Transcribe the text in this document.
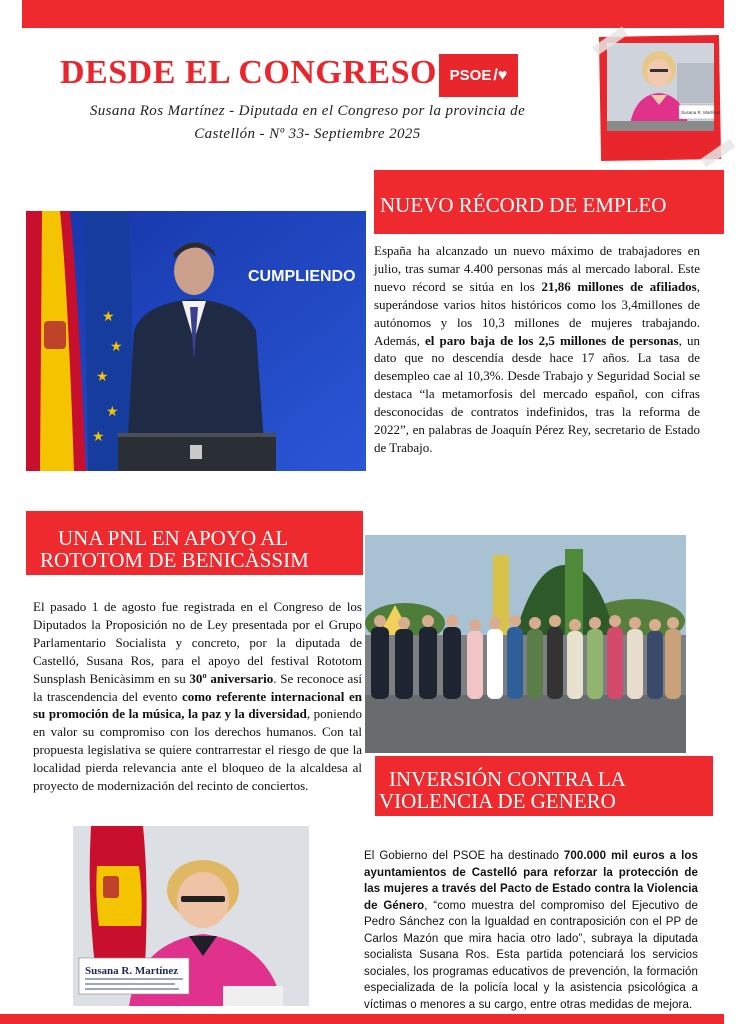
DESDE EL CONGRESO PSOE /♥
Susana Ros Martínez - Diputada en el Congreso por la provincia de
Castellón - Nº 33- Septiembre 2025
Susana R. Martínez
★
★
★
★
★
CUMPLIENDO
NUEVO RÉCORD DE EMPLEO
España ha alcanzado un nuevo máximo de trabajadores en julio, tras sumar 4.400 personas más al mercado laboral. Este nuevo récord se sitúa en los 21,86 millones de afiliados, superándose varios hitos históricos como los 3,4millones de autónomos y los 10,3 millones de mujeres trabajando. Además, el paro baja de los 2,5 millones de personas, un dato que no descendía desde hace 17 años. La tasa de desempleo cae al 10,3%. Desde Trabajo y Seguridad Social se destaca “la metamorfosis del mercado español, con cifras desconocidas de contratos indefinidos, tras la reforma de 2022”, en palabras de Joaquín Pérez Rey, secretario de Estado de Trabajo.
UNA PNL EN APOYO AL
ROTOTOM DE BENICÀSSIM
El pasado 1 de agosto fue registrada en el Congreso de los Diputados la Proposición no de Ley presentada por el Grupo Parlamentario Socialista y concreto, por la diputada de Castelló, Susana Ros, para el apoyo del festival Rototom Sunsplash Benicàsimm en su 30º aniversario. Se reconoce así la trascendencia del evento como referente internacional en su promoción de la música, la paz y la diversidad, poniendo en valor su compromiso con los derechos humanos. Con tal propuesta legislativa se quiere contrarrestar el riesgo de que la localidad pierda relevancia ante el bloqueo de la alcaldesa al proyecto de modernización del recinto de conciertos.	INVERSIÓN CONTRA LA
VIOLENCIA DE GENERO
El Gobierno del PSOE ha destinado 700.000 mil euros a los ayuntamientos de Castelló para reforzar la protección de las mujeres a través del Pacto de Estado contra la Violencia de Género, “como muestra del compromiso del Ejecutivo de Pedro Sánchez con la Igualdad en contraposición con el PP de Carlos Mazón que mira hacia otro lado”, subraya la diputada socialista Susana Ros. Esta partida potenciará los servicios sociales, los programas educativos de prevención, la formación especializada de la policía local y la asistencia psicológica a víctimas o menores a su cargo, entre otras medidas de mejora.
Susana R. Martínez
